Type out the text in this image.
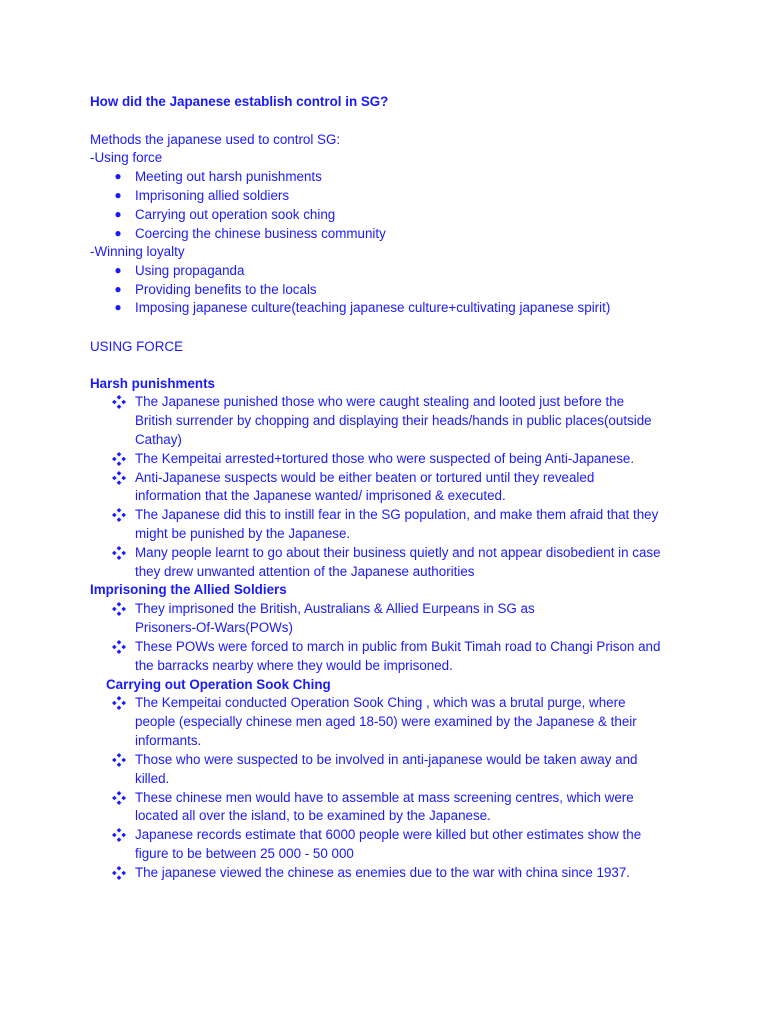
How did the Japanese establish control in SG?
Methods the japanese used to control SG:
-Using force
● Meeting out harsh punishments
● Imprisoning allied soldiers
● Carrying out operation sook ching
● Coercing the chinese business community
-Winning loyalty
● Using propaganda
● Providing benefits to the locals
● Imposing japanese culture(teaching japanese culture+cultivating japanese spirit)
USING FORCE
Harsh punishments
The Japanese punished those who were caught stealing and looted just before the
British surrender by chopping and displaying their heads/hands in public places(outside
Cathay)
The Kempeitai arrested+tortured those who were suspected of being Anti-Japanese.
Anti-Japanese suspects would be either beaten or tortured until they revealed
information that the Japanese wanted/ imprisoned & executed.
The Japanese did this to instill fear in the SG population, and make them afraid that they
might be punished by the Japanese.
Many people learnt to go about their business quietly and not appear disobedient in case
they drew unwanted attention of the Japanese authorities
Imprisoning the Allied Soldiers
They imprisoned the British, Australians & Allied Eurpeans in SG as
Prisoners-Of-Wars(POWs)
These POWs were forced to march in public from Bukit Timah road to Changi Prison and
the barracks nearby where they would be imprisoned.
Carrying out Operation Sook Ching
The Kempeitai conducted Operation Sook Ching , which was a brutal purge, where
people (especially chinese men aged 18-50) were examined by the Japanese & their
informants.
Those who were suspected to be involved in anti-japanese would be taken away and
killed.
These chinese men would have to assemble at mass screening centres, which were
located all over the island, to be examined by the Japanese.
Japanese records estimate that 6000 people were killed but other estimates show the
figure to be between 25 000 - 50 000
The japanese viewed the chinese as enemies due to the war with china since 1937.
